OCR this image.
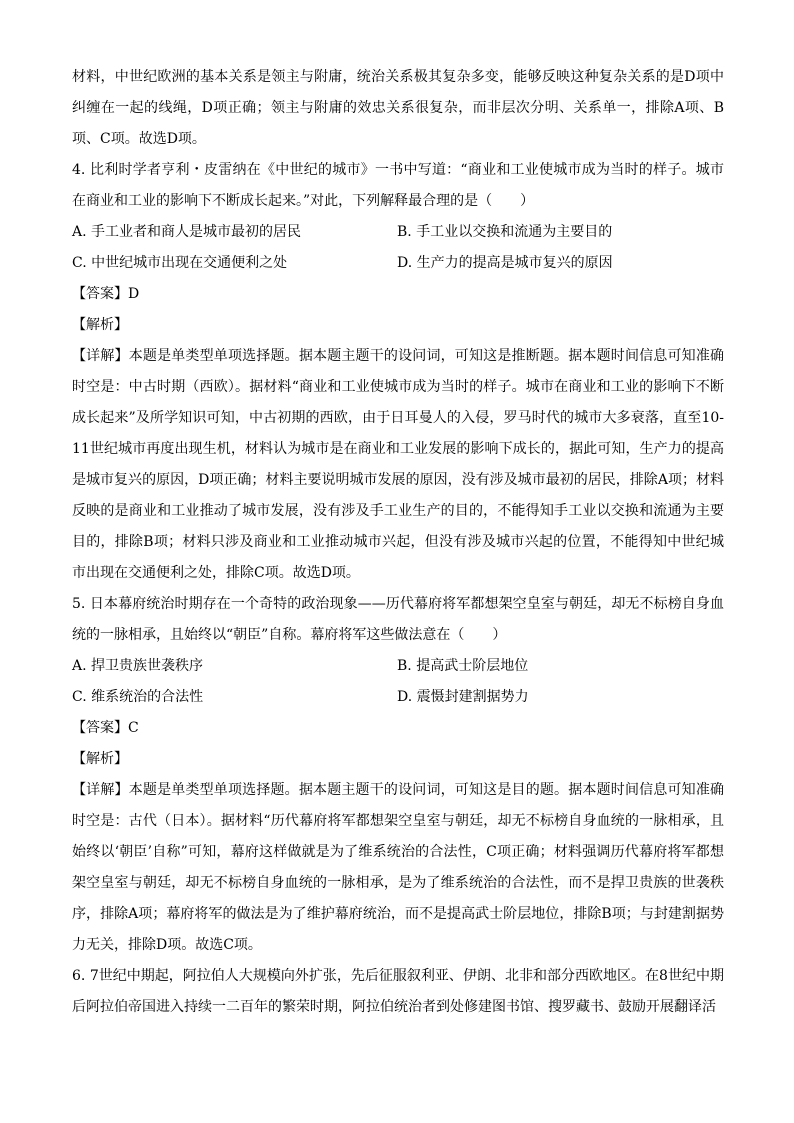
材料，中世纪欧洲的基本关系是领主与附庸，统治关系极其复杂多变，能够反映这种复杂关系的是D项中纠缠在一起的线绳，D项正确；领主与附庸的效忠关系很复杂，而非层次分明、关系单一，排除A项、B项、C项。故选D项。

4. 比利时学者亨利・皮雷纳在《中世纪的城市》一书中写道：“商业和工业使城市成为当时的样子。城市在商业和工业的影响下不断成长起来。”对此，下列解释最合理的是（　　）

A. 手工业者和商人是城市最初的居民	B. 手工业以交换和流通为主要目的

C. 中世纪城市出现在交通便利之处	D. 生产力的提高是城市复兴的原因

【答案】D

【解析】

【详解】本题是单类型单项选择题。据本题主题干的设问词，可知这是推断题。据本题时间信息可知准确时空是：中古时期（西欧）。据材料“商业和工业使城市成为当时的样子。城市在商业和工业的影响下不断成长起来”及所学知识可知，中古初期的西欧，由于日耳曼人的入侵，罗马时代的城市大多衰落，直至10-11世纪城市再度出现生机，材料认为城市是在商业和工业发展的影响下成长的，据此可知，生产力的提高是城市复兴的原因，D项正确；材料主要说明城市发展的原因，没有涉及城市最初的居民，排除A项；材料反映的是商业和工业推动了城市发展，没有涉及手工业生产的目的，不能得知手工业以交换和流通为主要目的，排除B项；材料只涉及商业和工业推动城市兴起，但没有涉及城市兴起的位置，不能得知中世纪城市出现在交通便利之处，排除C项。故选D项。

5. 日本幕府统治时期存在一个奇特的政治现象——历代幕府将军都想架空皇室与朝廷，却无不标榜自身血统的一脉相承，且始终以“朝臣”自称。幕府将军这些做法意在（　　）

A. 捍卫贵族世袭秩序	B. 提高武士阶层地位

C. 维系统治的合法性	D. 震慑封建割据势力

【答案】C

【解析】

【详解】本题是单类型单项选择题。据本题主题干的设问词，可知这是目的题。据本题时间信息可知准确时空是：古代（日本）。据材料“历代幕府将军都想架空皇室与朝廷，却无不标榜自身血统的一脉相承，且始终以‘朝臣’自称”可知，幕府这样做就是为了维系统治的合法性，C项正确；材料强调历代幕府将军都想架空皇室与朝廷，却无不标榜自身血统的一脉相承，是为了维系统治的合法性，而不是捍卫贵族的世袭秩序，排除A项；幕府将军的做法是为了维护幕府统治，而不是提高武士阶层地位，排除B项；与封建割据势力无关，排除D项。故选C项。

6. 7世纪中期起，阿拉伯人大规模向外扩张，先后征服叙利亚、伊朗、北非和部分西欧地区。在8世纪中期后阿拉伯帝国进入持续一二百年的繁荣时期，阿拉伯统治者到处修建图书馆、搜罗藏书、鼓励开展翻译活
